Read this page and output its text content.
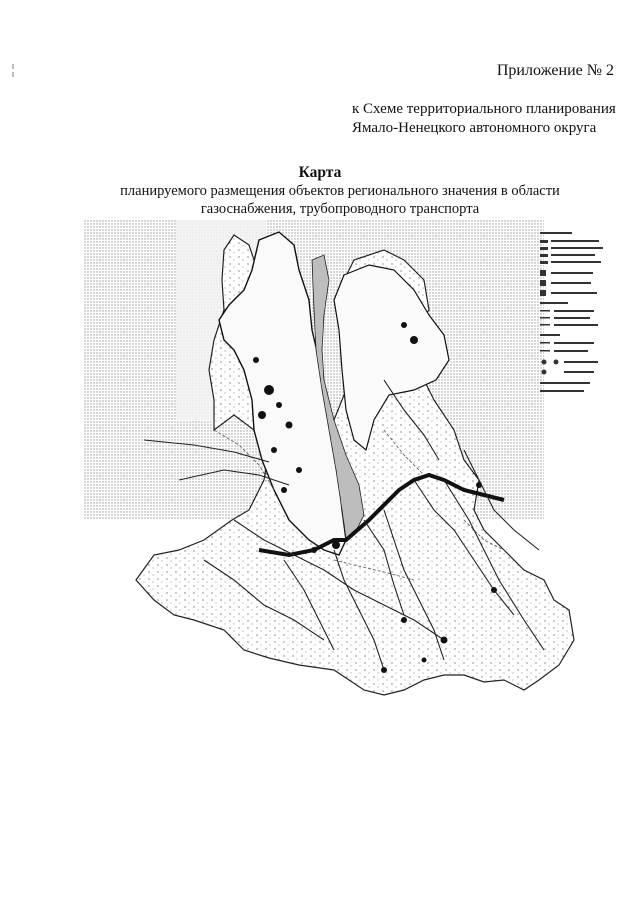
Приложение № 2
к Схеме территориального планирования
Ямало-Ненецкого автономного округа
Карта
планируемого размещения объектов регионального значения в области
газоснабжения, трубопроводного транспорта
